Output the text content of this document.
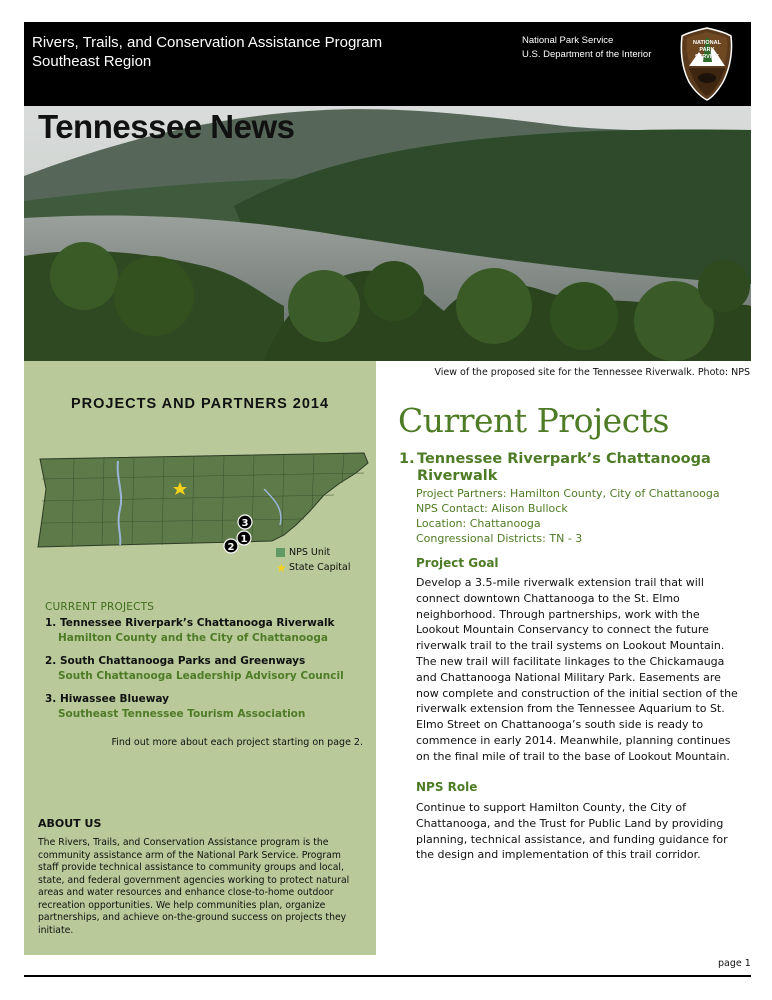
Rivers, Trails, and Conservation Assistance Program
Southeast Region
National Park Service
U.S. Department of the Interior
NATIONAL
PARK
SERVICE
Tennessee News
PROJECTS AND PARTNERS 2014
3
1
2	NPS Unit
★ State Capital
CURRENT PROJECTS
1. Tennessee Riverpark’s Chattanooga Riverwalk
Hamilton County and the City of Chattanooga
2. South Chattanooga Parks and Greenways
South Chattanooga Leadership Advisory Council
3. Hiwassee Blueway
Southeast Tennessee Tourism Association
Find out more about each project starting on page 2.
ABOUT US
The Rivers, Trails, and Conservation Assistance program is the community assistance arm of the National Park Service. Program staff provide technical assistance to community groups and local, state, and federal government agencies working to protect natural areas and water resources and enhance close-to-home outdoor recreation opportunities. We help communities plan, organize partnerships, and achieve on-the-ground success on projects they initiate.
View of the proposed site for the Tennessee Riverwalk. Photo: NPS
Current Projects
1. Tennessee Riverpark’s Chattanooga
Riverwalk
Project Partners: Hamilton County, City of Chattanooga
NPS Contact: Alison Bullock
Location: Chattanooga
Congressional Districts: TN - 3
Project Goal
Develop a 3.5-mile riverwalk extension trail that will connect downtown Chattanooga to the St. Elmo neighborhood. Through partnerships, work with the Lookout Mountain Conservancy to connect the future riverwalk trail to the trail systems on Lookout Mountain. The new trail will facilitate linkages to the Chickamauga and Chattanooga National Military Park. Easements are now complete and construction of the initial section of the riverwalk extension from the Tennessee Aquarium to St. Elmo Street on Chattanooga’s south side is ready to commence in early 2014. Meanwhile, planning continues on the final mile of trail to the base of Lookout Mountain.
NPS Role
Continue to support Hamilton County, the City of Chattanooga, and the Trust for Public Land by providing planning, technical assistance, and funding guidance for the design and implementation of this trail corridor.
page 1
